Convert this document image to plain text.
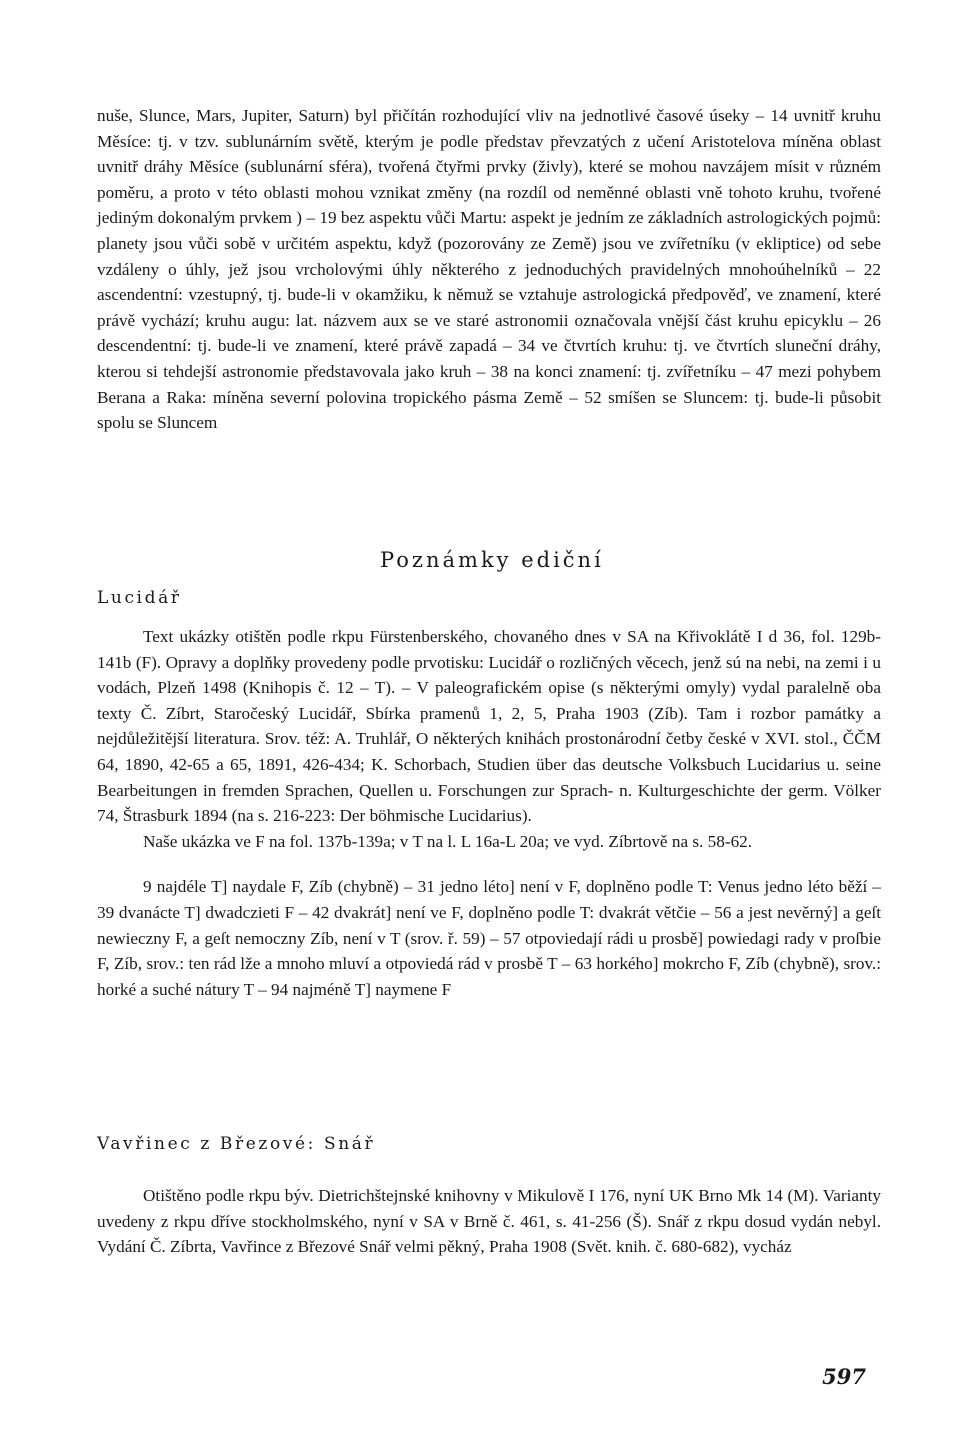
nuše, Slunce, Mars, Jupiter, Saturn) byl přičítán rozhodující vliv na jednotlivé časové úseky – 14 uvnitř kruhu Měsíce: tj. v tzv. sublunárním světě, kterým je podle představ převzatých z učení Aristotelova míněna oblast uvnitř dráhy Měsíce (sublunární sféra), tvořená čtyřmi prvky (živly), které se mohou navzájem mísit v různém poměru, a proto v této oblasti mohou vznikat změny (na rozdíl od neměnné oblasti vně tohoto kruhu, tvořené jediným dokonalým prvkem ) – 19 bez aspektu vůči Martu: aspekt je jedním ze základních astrologických pojmů: planety jsou vůči sobě v určitém aspektu, když (pozorovány ze Země) jsou ve zvířetníku (v ekliptice) od sebe vzdáleny o úhly, jež jsou vrcholovými úhly některého z jednoduchých pravidelných mnohoúhelníků – 22 ascendentní: vzestupný, tj. bude-li v okamžiku, k němuž se vztahuje astrologická předpověď, ve znamení, které právě vychází; kruhu augu: lat. názvem aux se ve staré astronomii označovala vnější část kruhu epicyklu – 26 descendentní: tj. bude-li ve znamení, které právě zapadá – 34 ve čtvrtích kruhu: tj. ve čtvrtích sluneční dráhy, kterou si tehdejší astronomie představovala jako kruh – 38 na konci znamení: tj. zvířetníku – 47 mezi pohybem Berana a Raka: míněna severní polovina tropického pásma Země – 52 smíšen se Sluncem: tj. bude-li působit spolu se Sluncem

Poznámky ediční
Lucidář

Text ukázky otištěn podle rkpu Fürstenberského, chovaného dnes v SA na Křivoklátě I d 36, fol. 129b-141b (F). Opravy a doplňky provedeny podle prvotisku: Lucidář o rozličných věcech, jenž sú na nebi, na zemi i u vodách, Plzeň 1498 (Knihopis č. 12 – T). – V paleografickém opise (s některými omyly) vydal paralelně oba texty Č. Zíbrt, Staročeský Lucidář, Sbírka pramenů 1, 2, 5, Praha 1903 (Zíb). Tam i rozbor památky a nejdůležitější literatura. Srov. též: A. Truhlář, O některých knihách prostonárodní četby české v XVI. stol., ČČM 64, 1890, 42-65 a 65, 1891, 426-434; K. Schorbach, Studien über das deutsche Volksbuch Lucidarius u. seine Bearbeitungen in fremden Sprachen, Quellen u. Forschungen zur Sprach- n. Kulturgeschichte der germ. Völker 74, Štrasburk 1894 (na s. 216-223: Der böhmische Lucidarius).

Naše ukázka ve F na fol. 137b-139a; v T na l. L 16a-L 20a; ve vyd. Zíbrtově na s. 58-62.

9 najdéle T] naydale F, Zíb (chybně) – 31 jedno léto] není v F, doplněno podle T: Venus jedno léto běží – 39 dvanácte T] dwadczieti F – 42 dvakrát] není ve F, doplněno podle T: dvakrát větčie – 56 a jest nevěrný] a geſt newieczny F, a geſt nemoczny Zíb, není v T (srov. ř. 59) – 57 otpoviedají rádi u prosbě] powiedagi rady v proſbie F, Zíb, srov.: ten rád lže a mnoho mluví a otpoviedá rád v prosbě T – 63 horkého] mokrcho F, Zíb (chybně), srov.: horké a suché nátury T – 94 najméně T] naymene F

Vavřinec z Březové: Snář

Otištěno podle rkpu býv. Dietrichštejnské knihovny v Mikulově I 176, nyní UK Brno Mk 14 (M). Varianty uvedeny z rkpu dříve stockholmského, nyní v SA v Brně č. 461, s. 41-256 (Š). Snář z rkpu dosud vydán nebyl. Vydání Č. Zíbrta, Vavřince z Březové Snář velmi pěkný, Praha 1908 (Svět. knih. č. 680-682), vycház

597
